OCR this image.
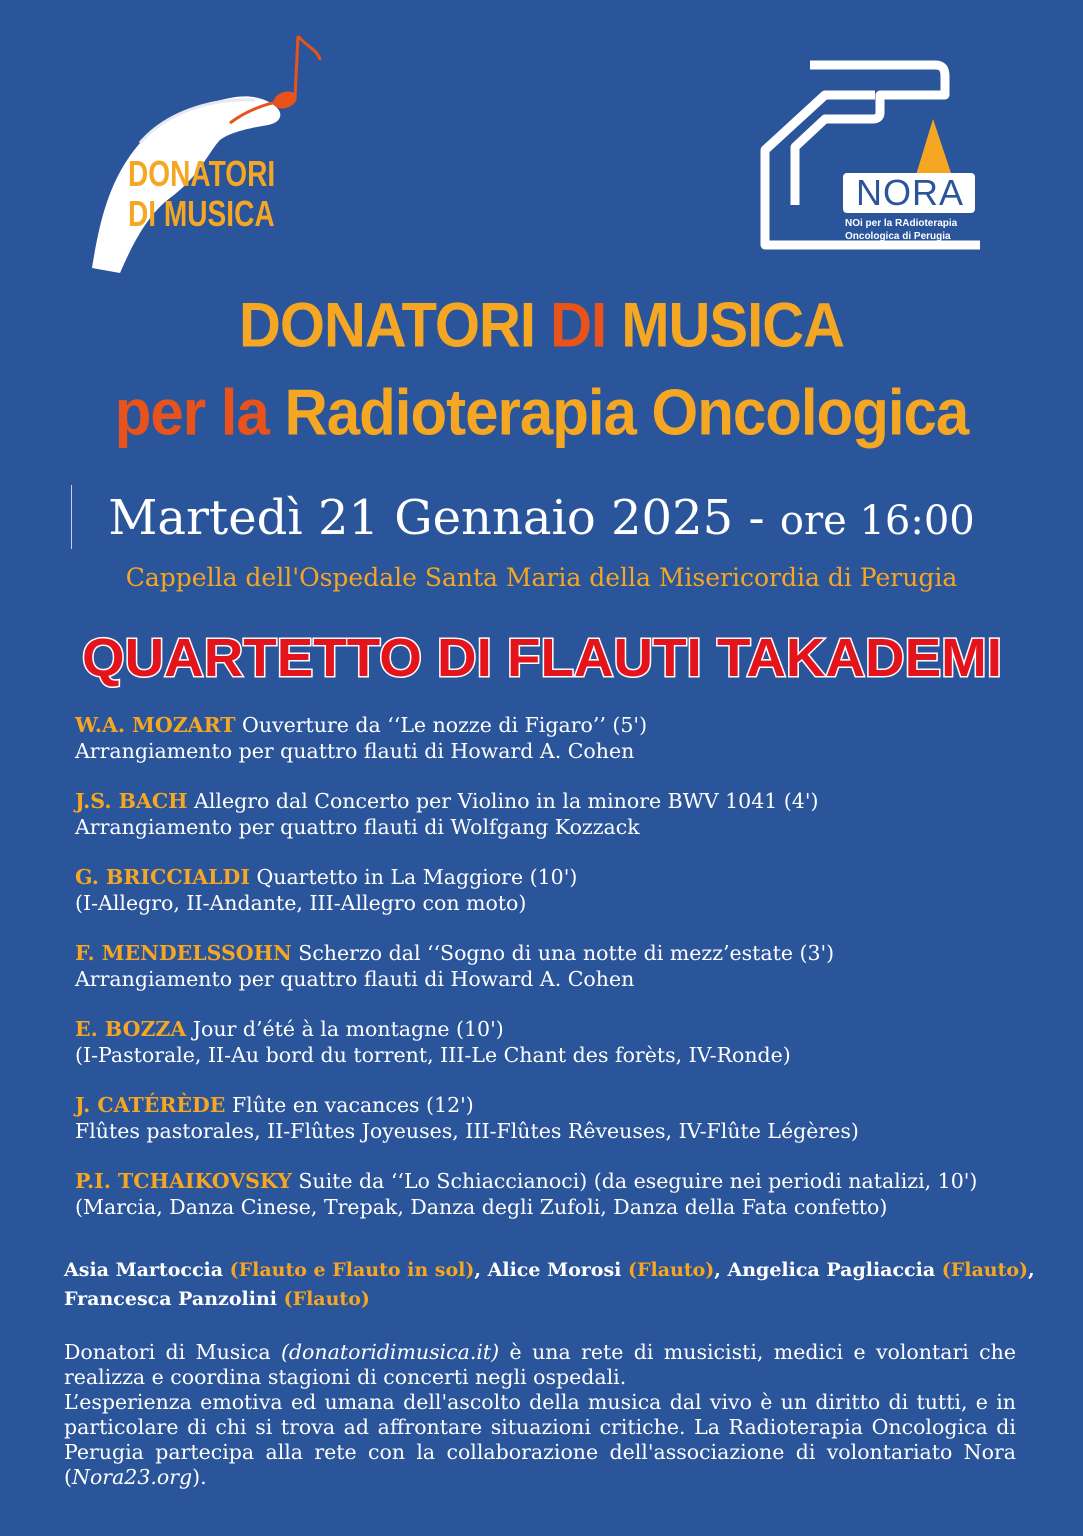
DONATORI
DI MUSICA
NORA
NOi per la RAdioterapia
Oncologica di Perugia
DONATORI DI MUSICA
per la Radioterapia Oncologica
Martedì 21 Gennaio 2025 - ore 16:00
Cappella dell'Ospedale Santa Maria della Misericordia di Perugia
QUARTETTO DI FLAUTI TAKADEMI
W.A. MOZART Ouverture da ‘‘Le nozze di Figaro’’ (5')
Arrangiamento per quattro flauti di Howard A. Cohen
J.S. BACH Allegro dal Concerto per Violino in la minore BWV 1041 (4')
Arrangiamento per quattro flauti di Wolfgang Kozzack
G. BRICCIALDI Quartetto in La Maggiore (10')
(I-Allegro, II-Andante, III-Allegro con moto)
F. MENDELSSOHN Scherzo dal ‘‘Sogno di una notte di mezz’estate (3')
Arrangiamento per quattro flauti di Howard A. Cohen
E. BOZZA Jour d’été à la montagne (10')
(I-Pastorale, II-Au bord du torrent, III-Le Chant des forèts, IV-Ronde)
J. CATÉRÈDE Flûte en vacances (12')
Flûtes pastorales, II-Flûtes Joyeuses, III-Flûtes Rêveuses, IV-Flûte Légères)
P.I. TCHAIKOVSKY Suite da ‘‘Lo Schiaccianoci) (da eseguire nei periodi natalizi, 10')
(Marcia, Danza Cinese, Trepak, Danza degli Zufoli, Danza della Fata confetto)
Asia Martoccia (Flauto e Flauto in sol), Alice Morosi (Flauto), Angelica Pagliaccia (Flauto),
Francesca Panzolini (Flauto)

Donatori di Musica (donatoridimusica.it) è una rete di musicisti, medici e volontari che realizza e coordina stagioni di concerti negli ospedali.

L’esperienza emotiva ed umana dell'ascolto della musica dal vivo è un diritto di tutti, e in particolare di chi si trova ad affrontare situazioni critiche. La Radioterapia Oncologica di Perugia partecipa alla rete con la collaborazione dell'associazione di volontariato Nora (Nora23.org).
